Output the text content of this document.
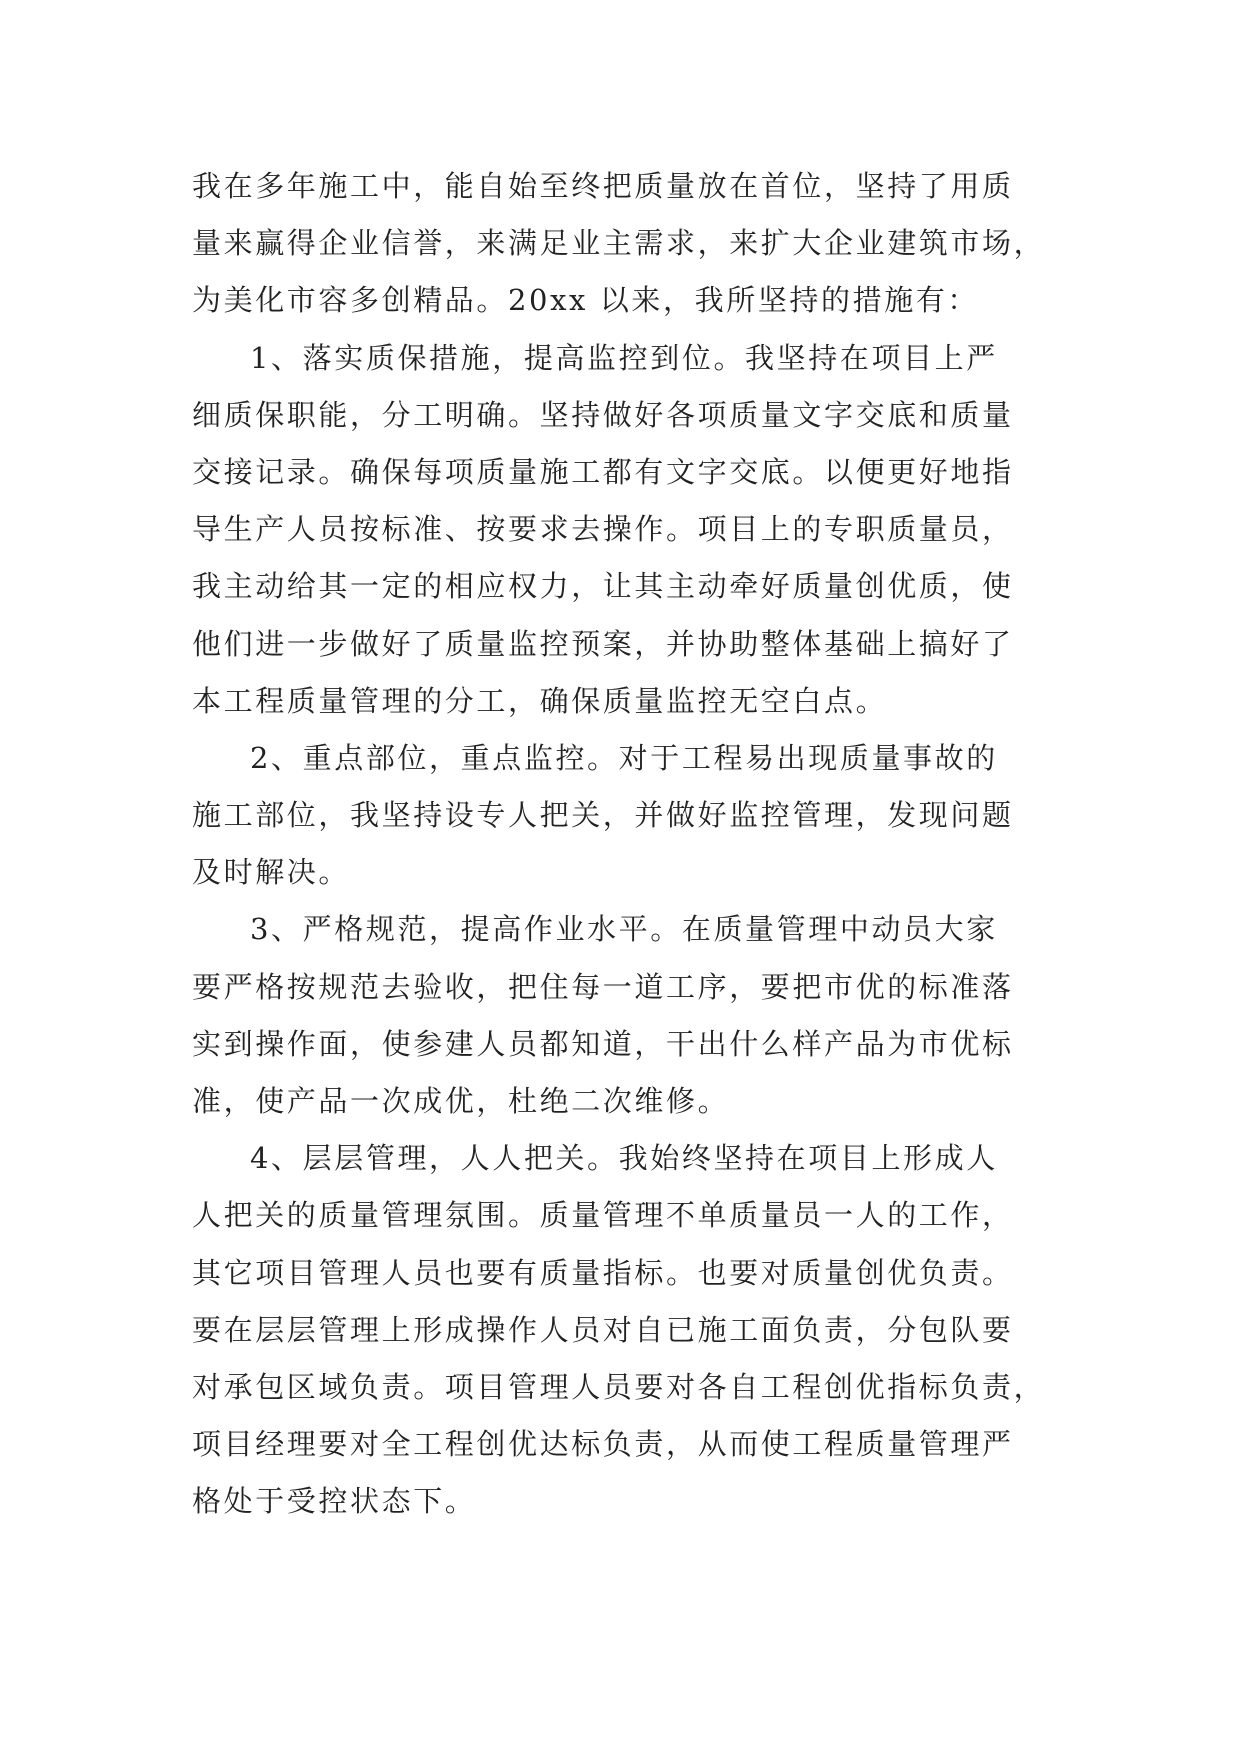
我在多年施工中，能自始至终把质量放在首位，坚持了用质
量来赢得企业信誉，来满足业主需求，来扩大企业建筑市场，
为美化市容多创精品。20xx 以来，我所坚持的措施有：

1、落实质保措施，提高监控到位。我坚持在项目上严
细质保职能，分工明确。坚持做好各项质量文字交底和质量
交接记录。确保每项质量施工都有文字交底。以便更好地指
导生产人员按标准、按要求去操作。项目上的专职质量员，
我主动给其一定的相应权力，让其主动牵好质量创优质，使
他们进一步做好了质量监控预案，并协助整体基础上搞好了
本工程质量管理的分工，确保质量监控无空白点。

2、重点部位，重点监控。对于工程易出现质量事故的
施工部位，我坚持设专人把关，并做好监控管理，发现问题
及时解决。

3、严格规范，提高作业水平。在质量管理中动员大家
要严格按规范去验收，把住每一道工序，要把市优的标准落
实到操作面，使参建人员都知道，干出什么样产品为市优标
准，使产品一次成优，杜绝二次维修。

4、层层管理，人人把关。我始终坚持在项目上形成人
人把关的质量管理氛围。质量管理不单质量员一人的工作，
其它项目管理人员也要有质量指标。也要对质量创优负责。
要在层层管理上形成操作人员对自已施工面负责，分包队要
对承包区域负责。项目管理人员要对各自工程创优指标负责，
项目经理要对全工程创优达标负责，从而使工程质量管理严
格处于受控状态下。
